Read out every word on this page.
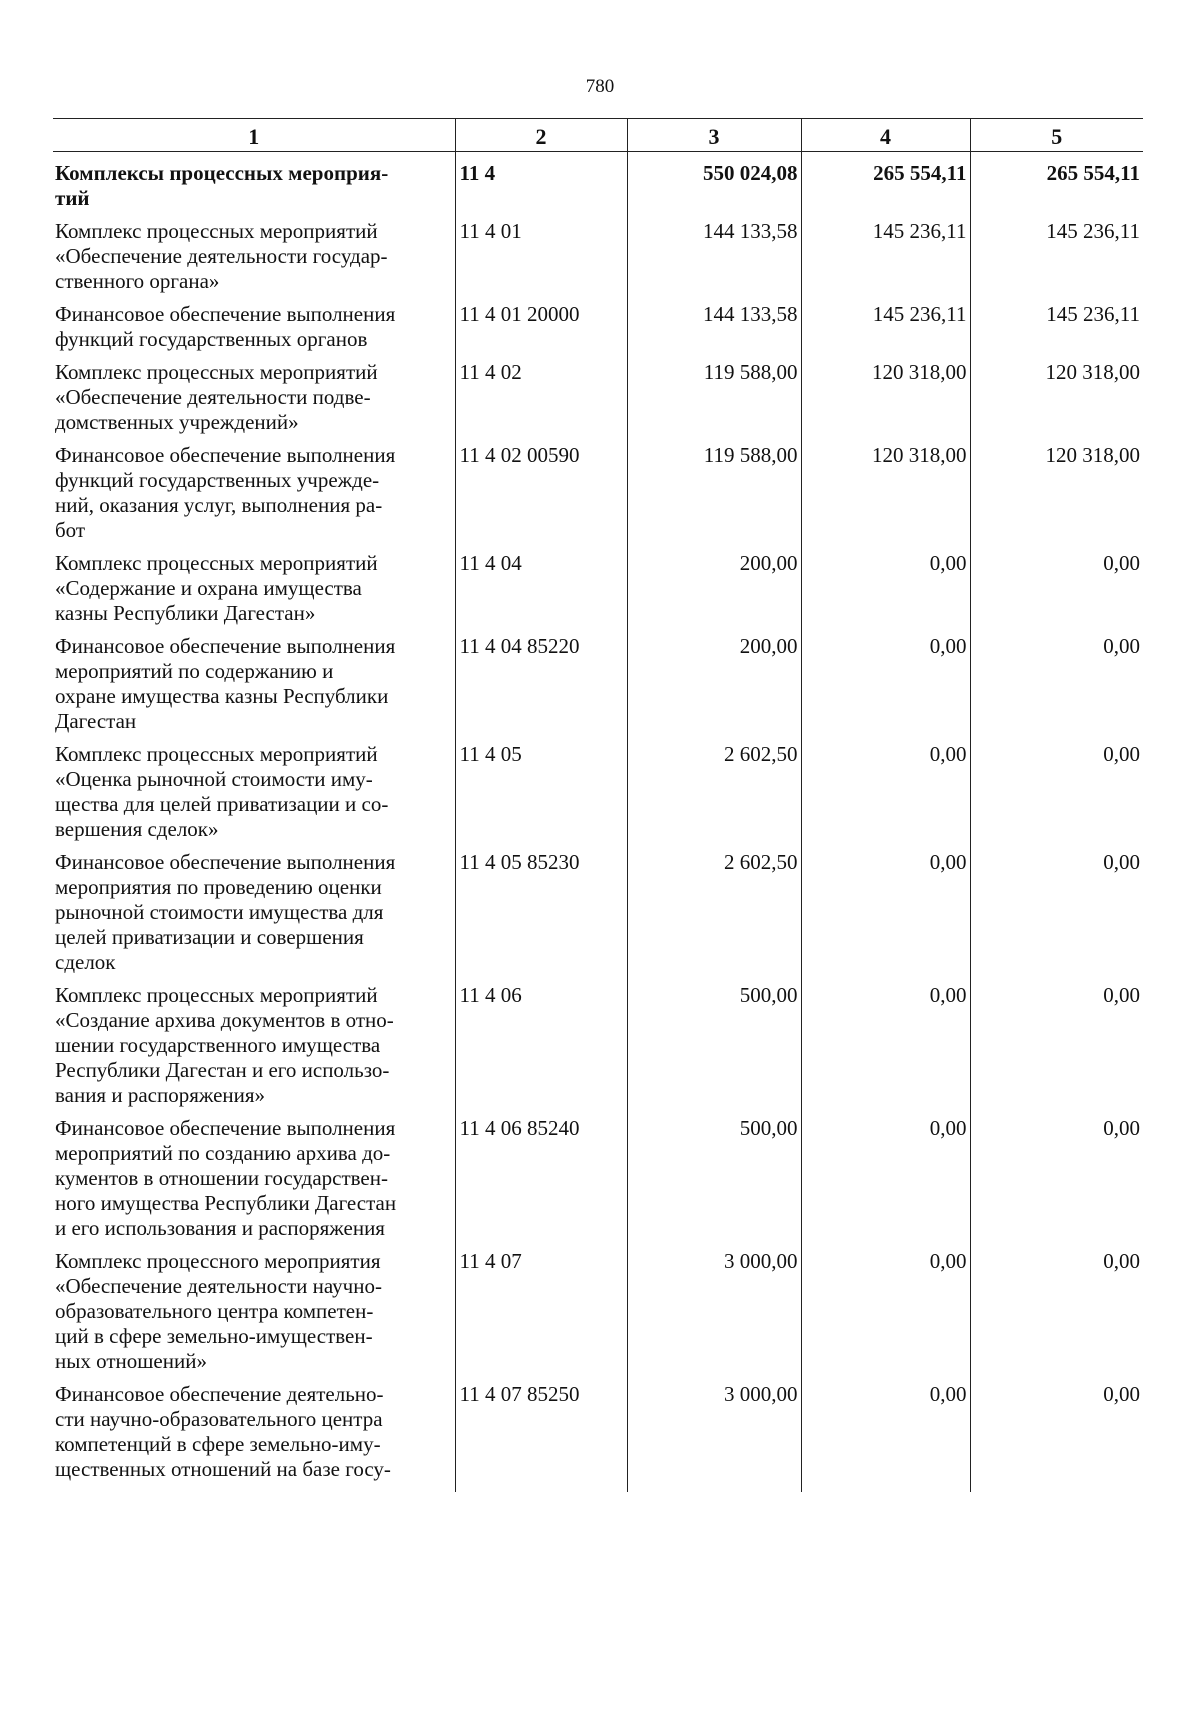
780
1	2	3	4	5

Комплексы процессных мероприя-
тий	11 4	550 024,08	265 554,11	265 554,11

Комплекс процессных мероприятий
«Обеспечение деятельности государ-
ственного органа»	11 4 01	144 133,58	145 236,11	145 236,11

Финансовое обеспечение выполнения
функций государственных органов	11 4 01 20000	144 133,58	145 236,11	145 236,11

Комплекс процессных мероприятий
«Обеспечение деятельности подве-
домственных учреждений»	11 4 02	119 588,00	120 318,00	120 318,00

Финансовое обеспечение выполнения
функций государственных учрежде-
ний, оказания услуг, выполнения ра-
бот	11 4 02 00590	119 588,00	120 318,00	120 318,00

Комплекс процессных мероприятий
«Содержание и охрана имущества
казны Республики Дагестан»	11 4 04	200,00	0,00	0,00

Финансовое обеспечение выполнения
мероприятий по содержанию и
охране имущества казны Республики
Дагестан	11 4 04 85220	200,00	0,00	0,00

Комплекс процессных мероприятий
«Оценка рыночной стоимости иму-
щества для целей приватизации и со-
вершения сделок»	11 4 05	2 602,50	0,00	0,00

Финансовое обеспечение выполнения
мероприятия по проведению оценки
рыночной стоимости имущества для
целей приватизации и совершения
сделок	11 4 05 85230	2 602,50	0,00	0,00

Комплекс процессных мероприятий
«Создание архива документов в отно-
шении государственного имущества
Республики Дагестан и его использо-
вания и распоряжения»	11 4 06	500,00	0,00	0,00

Финансовое обеспечение выполнения
мероприятий по созданию архива до-
кументов в отношении государствен-
ного имущества Республики Дагестан
и его использования и распоряжения	11 4 06 85240	500,00	0,00	0,00

Комплекс процессного мероприятия
«Обеспечение деятельности научно-
образовательного центра компетен-
ций в сфере земельно-имуществен-
ных отношений»	11 4 07	3 000,00	0,00	0,00

Финансовое обеспечение деятельно-
сти научно-образовательного центра
компетенций в сфере земельно-иму-
щественных отношений на базе госу-	11 4 07 85250	3 000,00	0,00	0,00
